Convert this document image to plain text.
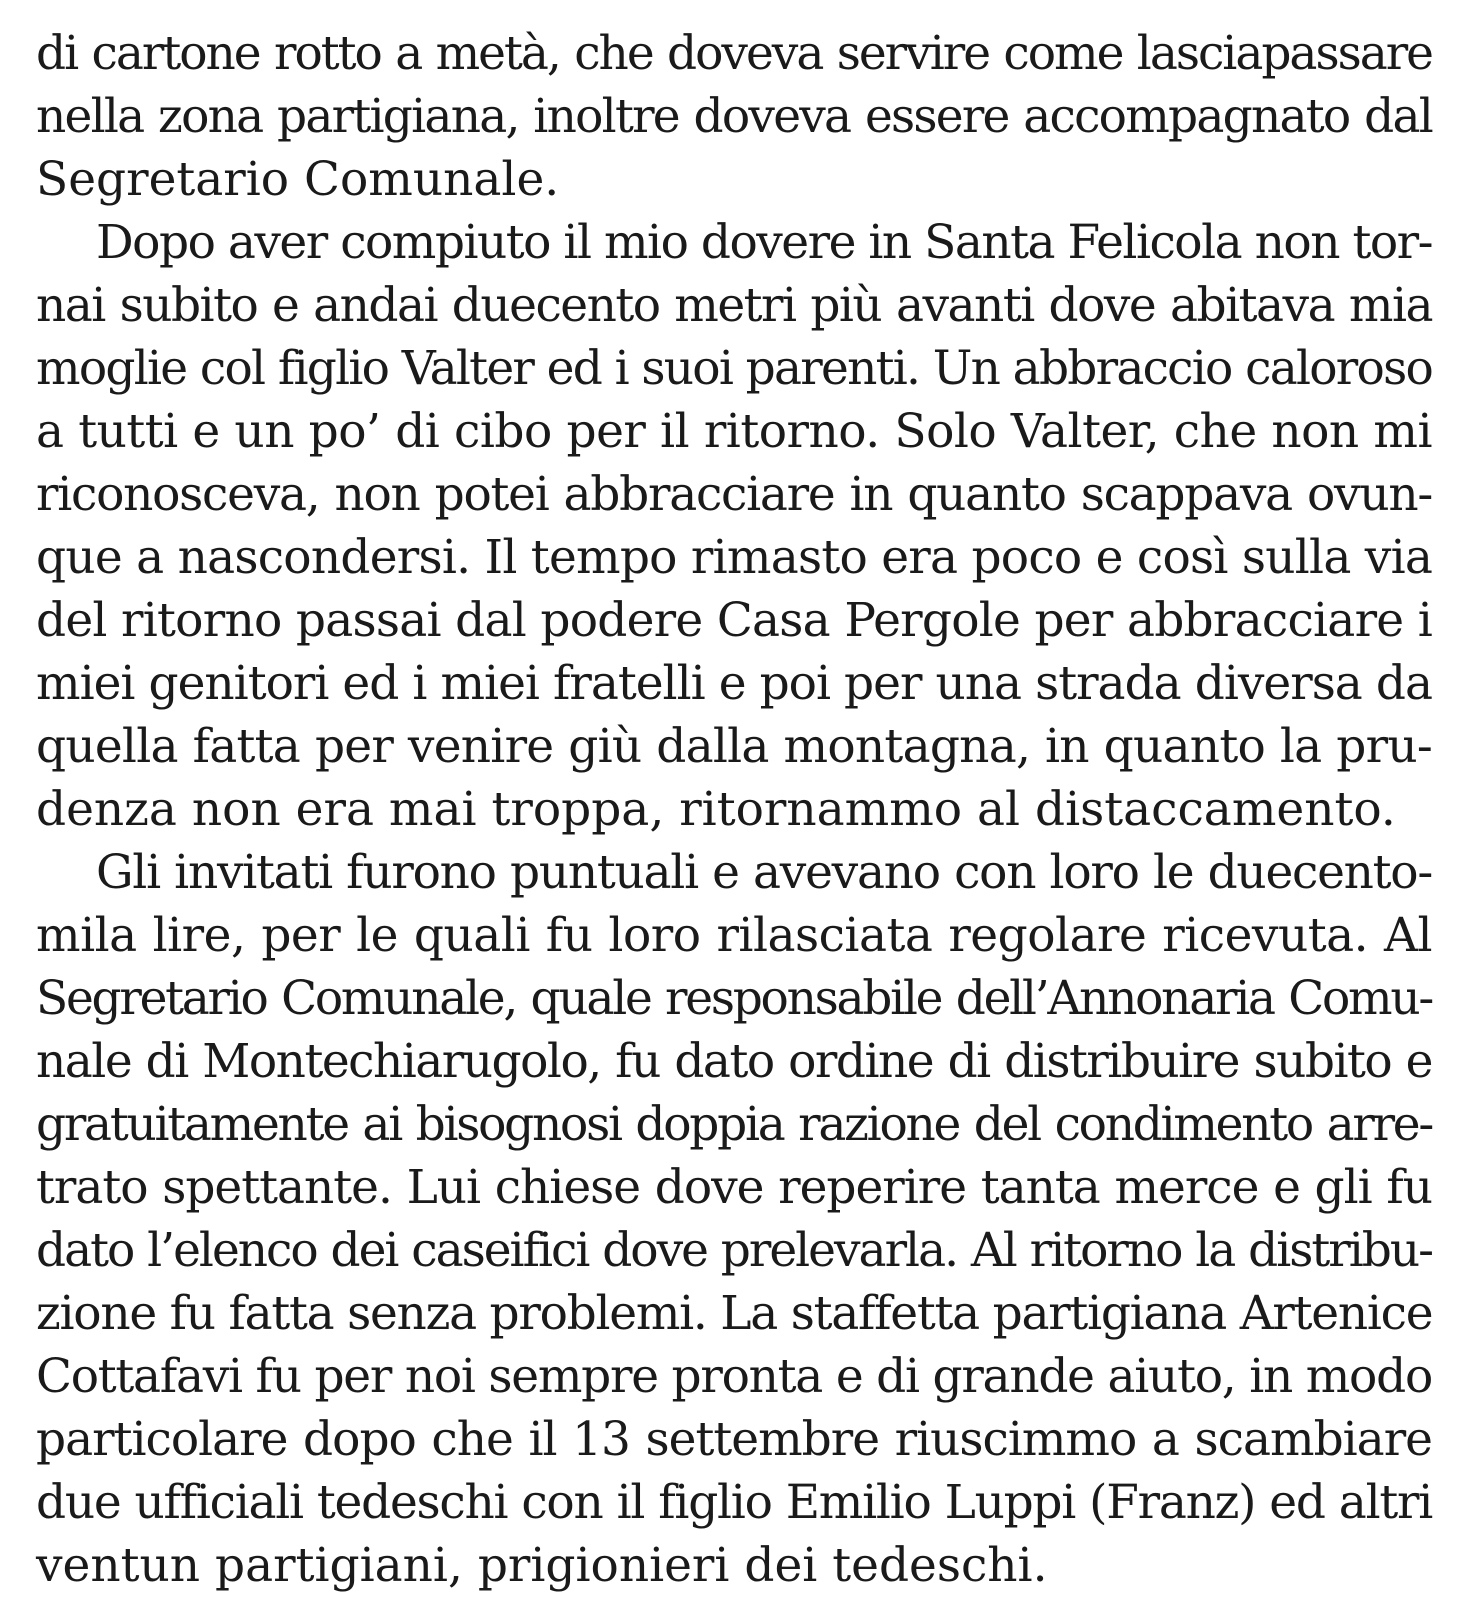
di cartone rotto a metà, che doveva servire come lasciapassare
nella zona partigiana, inoltre doveva essere accompagnato dal
Segretario Comunale.
Dopo aver compiuto il mio dovere in Santa Felicola non tor-
nai subito e andai duecento metri più avanti dove abitava mia
moglie col figlio Valter ed i suoi parenti. Un abbraccio caloroso
a tutti e un po’ di cibo per il ritorno. Solo Valter, che non mi
riconosceva, non potei abbracciare in quanto scappava ovun-
que a nascondersi. Il tempo rimasto era poco e così sulla via
del ritorno passai dal podere Casa Pergole per abbracciare i
miei genitori ed i miei fratelli e poi per una strada diversa da
quella fatta per venire giù dalla montagna, in quanto la pru-
denza non era mai troppa, ritornammo al distaccamento.
Gli invitati furono puntuali e avevano con loro le duecento-
mila lire, per le quali fu loro rilasciata regolare ricevuta. Al
Segretario Comunale, quale responsabile dell’Annonaria Comu-
nale di Montechiarugolo, fu dato ordine di distribuire subito e
gratuitamente ai bisognosi doppia razione del condimento arre-
trato spettante. Lui chiese dove reperire tanta merce e gli fu
dato l’elenco dei caseifici dove prelevarla. Al ritorno la distribu-
zione fu fatta senza problemi. La staffetta partigiana Artenice
Cottafavi fu per noi sempre pronta e di grande aiuto, in modo
particolare dopo che il 13 settembre riuscimmo a scambiare
due ufficiali tedeschi con il figlio Emilio Luppi (Franz) ed altri
ventun partigiani, prigionieri dei tedeschi.
